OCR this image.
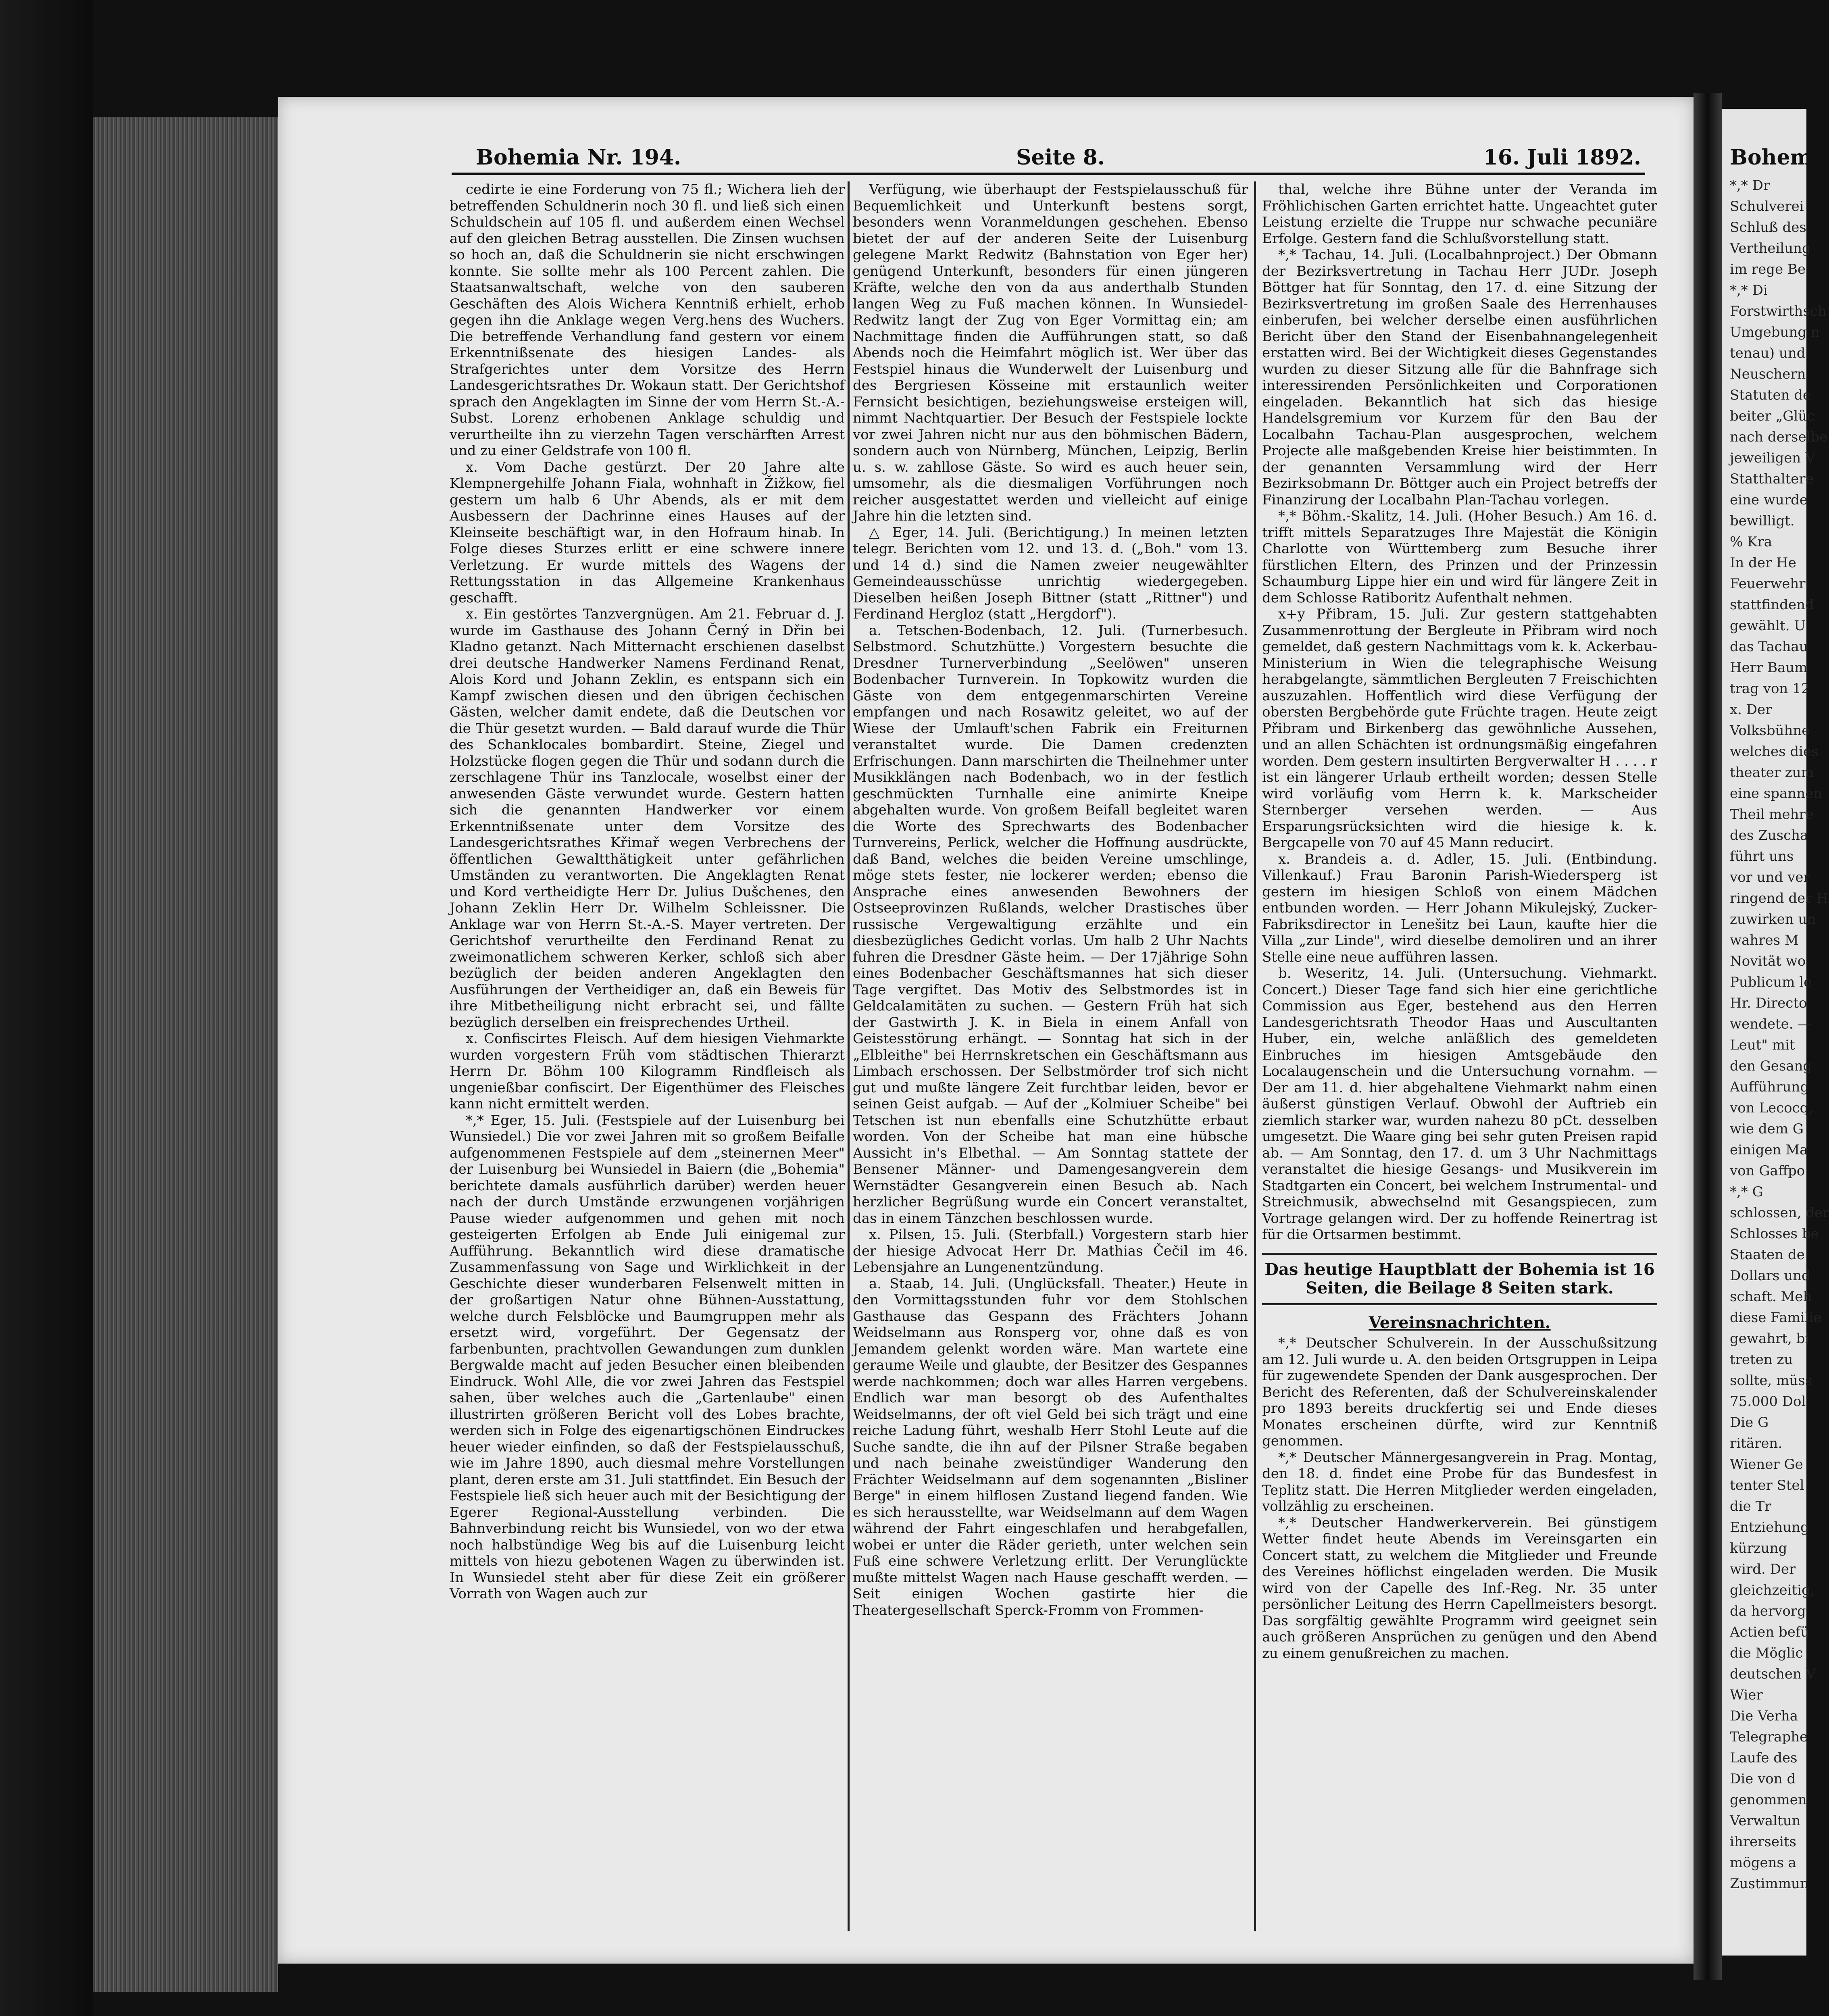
Bohem
*,* Dr
Schulverei
Schluß des
Vertheilung
im rege Be
*,* Di
Forstwirthsch
Umgebung n
tenau) und
Neuschern
Statuten de
beiter „Glüc
nach derselbe
jeweiligen V
Statthaltere
eine wurde
bewilligt.
% Kra
In der He
Feuerwehr
stattfindend
gewählt. U
das Tachau
Herr Baum
trag von 12
x. Der
Volksbühne
welches dies
theater zum
eine spannen
Theil mehre
des Zuscha
führt uns
vor und ver
ringend der H
zuwirken un
wahres M
Novität wo
Publicum le
Hr. Directo
wendete. —
Leut" mit
den Gesang
Aufführung
von Lecocq,
wie dem G
einigen Ma
von Gaffpo
*,* G
schlossen, der
Schlosses be
Staaten de
Dollars und
schaft. Meh
diese Familie
gewahrt, bi
treten zu
sollte, müss
75.000 Dol
Die G
ritären.
Wiener Ge
tenter Stel
die Tr
Entziehung
kürzung
wird. Der
gleichzeitig,
da hervorg
Actien befü
die Möglic
deutschen V
Wier
Die Verha
Telegraphe
Laufe des
Die von d
genommen
Verwaltun
ihrerseits
mögens a
Zustimmun
Bohemia Nr. 194.	Seite 8.	16. Juli 1892.

cedirte ie eine Forderung von 75 fl.; Wichera lieh der betreffenden Schuldnerin noch 30 fl. und ließ sich einen Schuldschein auf 105 fl. und außerdem einen Wechsel auf den gleichen Betrag ausstellen. Die Zinsen wuchsen so hoch an, daß die Schuldnerin sie nicht erschwingen konnte. Sie sollte mehr als 100 Percent zahlen. Die Staatsanwaltschaft, welche von den sauberen Geschäften des Alois Wichera Kenntniß erhielt, erhob gegen ihn die Anklage wegen Verg.hens des Wuchers. Die betreffende Verhandlung fand gestern vor einem Erkenntnißsenate des hiesigen Landes- als Strafgerichtes unter dem Vorsitze des Herrn Landesgerichtsrathes Dr. Wokaun statt. Der Gerichtshof sprach den Angeklagten im Sinne der vom Herrn St.-A.-Subst. Lorenz erhobenen Anklage schuldig und verurtheilte ihn zu vierzehn Tagen verschärften Arrest und zu einer Geldstrafe von 100 fl.

x. Vom Dache gestürzt. Der 20 Jahre alte Klempnergehilfe Johann Fiala, wohnhaft in Žižkow, fiel gestern um halb 6 Uhr Abends, als er mit dem Ausbessern der Dachrinne eines Hauses auf der Kleinseite beschäftigt war, in den Hofraum hinab. In Folge dieses Sturzes erlitt er eine schwere innere Verletzung. Er wurde mittels des Wagens der Rettungsstation in das Allgemeine Krankenhaus geschafft.

x. Ein gestörtes Tanzvergnügen. Am 21. Februar d. J. wurde im Gasthause des Johann Černý in Dřin bei Kladno getanzt. Nach Mitternacht erschienen daselbst drei deutsche Handwerker Namens Ferdinand Renat, Alois Kord und Johann Zeklin, es entspann sich ein Kampf zwischen diesen und den übrigen čechischen Gästen, welcher damit endete, daß die Deutschen vor die Thür gesetzt wurden. — Bald darauf wurde die Thür des Schanklocales bombardirt. Steine, Ziegel und Holzstücke flogen gegen die Thür und sodann durch die zerschlagene Thür ins Tanzlocale, woselbst einer der anwesenden Gäste verwundet wurde. Gestern hatten sich die genannten Handwerker vor einem Erkenntnißsenate unter dem Vorsitze des Landesgerichtsrathes Křimař wegen Verbrechens der öffentlichen Gewaltthätigkeit unter gefährlichen Umständen zu verantworten. Die Angeklagten Renat und Kord vertheidigte Herr Dr. Julius Dušchenes, den Johann Zeklin Herr Dr. Wilhelm Schleissner. Die Anklage war von Herrn St.-A.-S. Mayer vertreten. Der Gerichtshof verurtheilte den Ferdinand Renat zu zweimonatlichem schweren Kerker, schloß sich aber bezüglich der beiden anderen Angeklagten den Ausführungen der Vertheidiger an, daß ein Beweis für ihre Mitbetheiligung nicht erbracht sei, und fällte bezüglich derselben ein freisprechendes Urtheil.

x. Confiscirtes Fleisch. Auf dem hiesigen Viehmarkte wurden vorgestern Früh vom städtischen Thierarzt Herrn Dr. Böhm 100 Kilogramm Rindfleisch als ungenießbar confiscirt. Der Eigenthümer des Fleisches kann nicht ermittelt werden.

*,* Eger, 15. Juli. (Festspiele auf der Luisenburg bei Wunsiedel.) Die vor zwei Jahren mit so großem Beifalle aufgenommenen Festspiele auf dem „steinernen Meer" der Luisenburg bei Wunsiedel in Baiern (die „Bohemia" berichtete damals ausführlich darüber) werden heuer nach der durch Umstände erzwungenen vorjährigen Pause wieder aufgenommen und gehen mit noch gesteigerten Erfolgen ab Ende Juli einigemal zur Aufführung. Bekanntlich wird diese dramatische Zusammenfassung von Sage und Wirklichkeit in der Geschichte dieser wunderbaren Felsenwelt mitten in der großartigen Natur ohne Bühnen-Ausstattung, welche durch Felsblöcke und Baumgruppen mehr als ersetzt wird, vorgeführt. Der Gegensatz der farbenbunten, prachtvollen Gewandungen zum dunklen Bergwalde macht auf jeden Besucher einen bleibenden Eindruck. Wohl Alle, die vor zwei Jahren das Festspiel sahen, über welches auch die „Gartenlaube" einen illustrirten größeren Bericht voll des Lobes brachte, werden sich in Folge des eigenartigschönen Eindruckes heuer wieder einfinden, so daß der Festspielausschuß, wie im Jahre 1890, auch diesmal mehre Vorstellungen plant, deren erste am 31. Juli stattfindet. Ein Besuch der Festspiele ließ sich heuer auch mit der Besichtigung der Egerer Regional-Ausstellung verbinden. Die Bahnverbindung reicht bis Wunsiedel, von wo der etwa noch halbstündige Weg bis auf die Luisenburg leicht mittels von hiezu gebotenen Wagen zu überwinden ist. In Wunsiedel steht aber für diese Zeit ein größerer Vorrath von Wagen auch zur

Verfügung, wie überhaupt der Festspielausschuß für Bequemlichkeit und Unterkunft bestens sorgt, besonders wenn Voranmeldungen geschehen. Ebenso bietet der auf der anderen Seite der Luisenburg gelegene Markt Redwitz (Bahnstation von Eger her) genügend Unterkunft, besonders für einen jüngeren Kräfte, welche den von da aus anderthalb Stunden langen Weg zu Fuß machen können. In Wunsiedel-Redwitz langt der Zug von Eger Vormittag ein; am Nachmittage finden die Aufführungen statt, so daß Abends noch die Heimfahrt möglich ist. Wer über das Festspiel hinaus die Wunderwelt der Luisenburg und des Bergriesen Kösseine mit erstaunlich weiter Fernsicht besichtigen, beziehungsweise ersteigen will, nimmt Nachtquartier. Der Besuch der Festspiele lockte vor zwei Jahren nicht nur aus den böhmischen Bädern, sondern auch von Nürnberg, München, Leipzig, Berlin u. s. w. zahllose Gäste. So wird es auch heuer sein, umsomehr, als die diesmaligen Vorführungen noch reicher ausgestattet werden und vielleicht auf einige Jahre hin die letzten sind.

△ Eger, 14. Juli. (Berichtigung.) In meinen letzten telegr. Berichten vom 12. und 13. d. („Boh." vom 13. und 14 d.) sind die Namen zweier neugewählter Gemeindeausschüsse unrichtig wiedergegeben. Dieselben heißen Joseph Bittner (statt „Rittner") und Ferdinand Hergloz (statt „Hergdorf").

a. Tetschen-Bodenbach, 12. Juli. (Turnerbesuch. Selbstmord. Schutzhütte.) Vorgestern besuchte die Dresdner Turnerverbindung „Seelöwen" unseren Bodenbacher Turnverein. In Topkowitz wurden die Gäste von dem entgegenmarschirten Vereine empfangen und nach Rosawitz geleitet, wo auf der Wiese der Umlauft'schen Fabrik ein Freiturnen veranstaltet wurde. Die Damen credenzten Erfrischungen. Dann marschirten die Theilnehmer unter Musikklängen nach Bodenbach, wo in der festlich geschmückten Turnhalle eine animirte Kneipe abgehalten wurde. Von großem Beifall begleitet waren die Worte des Sprechwarts des Bodenbacher Turnvereins, Perlick, welcher die Hoffnung ausdrückte, daß Band, welches die beiden Vereine umschlinge, möge stets fester, nie lockerer werden; ebenso die Ansprache eines anwesenden Bewohners der Ostseeprovinzen Rußlands, welcher Drastisches über russische Vergewaltigung erzählte und ein diesbezügliches Gedicht vorlas. Um halb 2 Uhr Nachts fuhren die Dresdner Gäste heim. — Der 17jährige Sohn eines Bodenbacher Geschäftsmannes hat sich dieser Tage vergiftet. Das Motiv des Selbstmordes ist in Geldcalamitäten zu suchen. — Gestern Früh hat sich der Gastwirth J. K. in Biela in einem Anfall von Geistesstörung erhängt. — Sonntag hat sich in der „Elbleithe" bei Herrnskretschen ein Geschäftsmann aus Limbach erschossen. Der Selbstmörder trof sich nicht gut und mußte längere Zeit furchtbar leiden, bevor er seinen Geist aufgab. — Auf der „Kolmiuer Scheibe" bei Tetschen ist nun ebenfalls eine Schutzhütte erbaut worden. Von der Scheibe hat man eine hübsche Aussicht in's Elbethal. — Am Sonntag stattete der Bensener Männer- und Damengesangverein dem Wernstädter Gesangverein einen Besuch ab. Nach herzlicher Begrüßung wurde ein Concert veranstaltet, das in einem Tänzchen beschlossen wurde.

x. Pilsen, 15. Juli. (Sterbfall.) Vorgestern starb hier der hiesige Advocat Herr Dr. Mathias Čečil im 46. Lebensjahre an Lungenentzündung.

a. Staab, 14. Juli. (Unglücksfall. Theater.) Heute in den Vormittagsstunden fuhr vor dem Stohlschen Gasthause das Gespann des Frächters Johann Weidselmann aus Ronsperg vor, ohne daß es von Jemandem gelenkt worden wäre. Man wartete eine geraume Weile und glaubte, der Besitzer des Gespannes werde nachkommen; doch war alles Harren vergebens. Endlich war man besorgt ob des Aufenthaltes Weidselmanns, der oft viel Geld bei sich trägt und eine reiche Ladung führt, weshalb Herr Stohl Leute auf die Suche sandte, die ihn auf der Pilsner Straße begaben und nach beinahe zweistündiger Wanderung den Frächter Weidselmann auf dem sogenannten „Bisliner Berge" in einem hilflosen Zustand liegend fanden. Wie es sich herausstellte, war Weidselmann auf dem Wagen während der Fahrt eingeschlafen und herabgefallen, wobei er unter die Räder gerieth, unter welchen sein Fuß eine schwere Verletzung erlitt. Der Verunglückte mußte mittelst Wagen nach Hause geschafft werden. — Seit einigen Wochen gastirte hier die Theatergesellschaft Sperck-Fromm von Frommen-

thal, welche ihre Bühne unter der Veranda im Fröhlichischen Garten errichtet hatte. Ungeachtet guter Leistung erzielte die Truppe nur schwache pecuniäre Erfolge. Gestern fand die Schlußvorstellung statt.

*,* Tachau, 14. Juli. (Localbahnproject.) Der Obmann der Bezirksvertretung in Tachau Herr JUDr. Joseph Böttger hat für Sonntag, den 17. d. eine Sitzung der Bezirksvertretung im großen Saale des Herrenhauses einberufen, bei welcher derselbe einen ausführlichen Bericht über den Stand der Eisenbahnangelegenheit erstatten wird. Bei der Wichtigkeit dieses Gegenstandes wurden zu dieser Sitzung alle für die Bahnfrage sich interessirenden Persönlichkeiten und Corporationen eingeladen. Bekanntlich hat sich das hiesige Handelsgremium vor Kurzem für den Bau der Localbahn Tachau-Plan ausgesprochen, welchem Projecte alle maßgebenden Kreise hier beistimmten. In der genannten Versammlung wird der Herr Bezirksobmann Dr. Böttger auch ein Project betreffs der Finanzirung der Localbahn Plan-Tachau vorlegen.

*,* Böhm.-Skalitz, 14. Juli. (Hoher Besuch.) Am 16. d. trifft mittels Separatzuges Ihre Majestät die Königin Charlotte von Württemberg zum Besuche ihrer fürstlichen Eltern, des Prinzen und der Prinzessin Schaumburg Lippe hier ein und wird für längere Zeit in dem Schlosse Ratiboritz Aufenthalt nehmen.

x+y Přibram, 15. Juli. Zur gestern stattgehabten Zusammenrottung der Bergleute in Přibram wird noch gemeldet, daß gestern Nachmittags vom k. k. Ackerbau-Ministerium in Wien die telegraphische Weisung herabgelangte, sämmtlichen Bergleuten 7 Freischichten auszuzahlen. Hoffentlich wird diese Verfügung der obersten Bergbehörde gute Früchte tragen. Heute zeigt Přibram und Birkenberg das gewöhnliche Aussehen, und an allen Schächten ist ordnungsmäßig eingefahren worden. Dem gestern insultirten Bergverwalter H . . . . r ist ein längerer Urlaub ertheilt worden; dessen Stelle wird vorläufig vom Herrn k. k. Markscheider Sternberger versehen werden. — Aus Ersparungsrücksichten wird die hiesige k. k. Bergcapelle von 70 auf 45 Mann reducirt.

x. Brandeis a. d. Adler, 15. Juli. (Entbindung. Villenkauf.) Frau Baronin Parish-Wiedersperg ist gestern im hiesigen Schloß von einem Mädchen entbunden worden. — Herr Johann Mikulejský, Zucker-Fabriksdirector in Lenešitz bei Laun, kaufte hier die Villa „zur Linde", wird dieselbe demoliren und an ihrer Stelle eine neue aufführen lassen.

b. Weseritz, 14. Juli. (Untersuchung. Viehmarkt. Concert.) Dieser Tage fand sich hier eine gerichtliche Commission aus Eger, bestehend aus den Herren Landesgerichtsrath Theodor Haas und Auscultanten Huber, ein, welche anläßlich des gemeldeten Einbruches im hiesigen Amtsgebäude den Localaugenschein und die Untersuchung vornahm. — Der am 11. d. hier abgehaltene Viehmarkt nahm einen äußerst günstigen Verlauf. Obwohl der Auftrieb ein ziemlich starker war, wurden nahezu 80 pCt. desselben umgesetzt. Die Waare ging bei sehr guten Preisen rapid ab. — Am Sonntag, den 17. d. um 3 Uhr Nachmittags veranstaltet die hiesige Gesangs- und Musikverein im Stadtgarten ein Concert, bei welchem Instrumental- und Streichmusik, abwechselnd mit Gesangspiecen, zum Vortrage gelangen wird. Der zu hoffende Reinertrag ist für die Ortsarmen bestimmt.

Das heutige Hauptblatt der Bohemia ist 16 Seiten, die Beilage 8 Seiten stark.
Vereinsnachrichten.

*,* Deutscher Schulverein. In der Ausschußsitzung am 12. Juli wurde u. A. den beiden Ortsgruppen in Leipa für zugewendete Spenden der Dank ausgesprochen. Der Bericht des Referenten, daß der Schulvereinskalender pro 1893 bereits druckfertig sei und Ende dieses Monates erscheinen dürfte, wird zur Kenntniß genommen.

*,* Deutscher Männergesangverein in Prag. Montag, den 18. d. findet eine Probe für das Bundesfest in Teplitz statt. Die Herren Mitglieder werden eingeladen, vollzählig zu erscheinen.

*,* Deutscher Handwerkerverein. Bei günstigem Wetter findet heute Abends im Vereinsgarten ein Concert statt, zu welchem die Mitglieder und Freunde des Vereines höflichst eingeladen werden. Die Musik wird von der Capelle des Inf.-Reg. Nr. 35 unter persönlicher Leitung des Herrn Capellmeisters besorgt. Das sorgfältig gewählte Programm wird geeignet sein auch größeren Ansprüchen zu genügen und den Abend zu einem genußreichen zu machen.
